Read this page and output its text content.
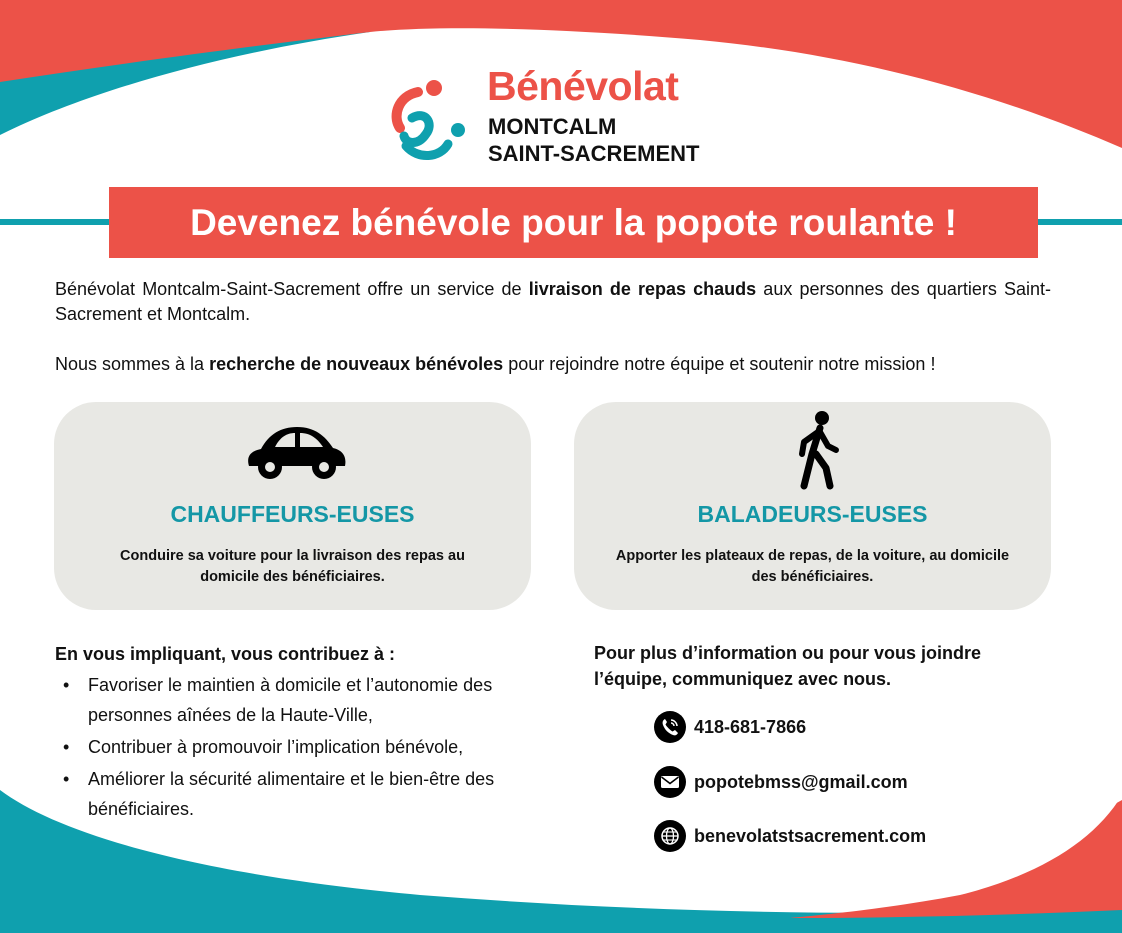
Bénévolat
MONTCALM
SAINT-SACREMENT
Devenez bénévole pour la popote roulante !
Bénévolat Montcalm-Saint-Sacrement offre un service de livraison de repas chauds aux personnes des quartiers Saint-Sacrement et Montcalm.
Nous sommes à la recherche de nouveaux bénévoles pour rejoindre notre équipe et soutenir notre mission !
CHAUFFEURS-EUSES
Conduire sa voiture pour la livraison des repas au domicile des bénéficiaires.
BALADEURS-EUSES
Apporter les plateaux de repas, de la voiture, au domicile des bénéficiaires.
En vous impliquant, vous contribuez à :
• Favoriser le maintien à domicile et l’autonomie des personnes aînées de la Haute-Ville,
• Contribuer à promouvoir l’implication bénévole,
• Améliorer la sécurité alimentaire et le bien-être des bénéficiaires.
Pour plus d’information ou pour vous joindre l’équipe, communiquez avec nous.
418-681-7866
popotebmss@gmail.com
benevolatstsacrement.com
